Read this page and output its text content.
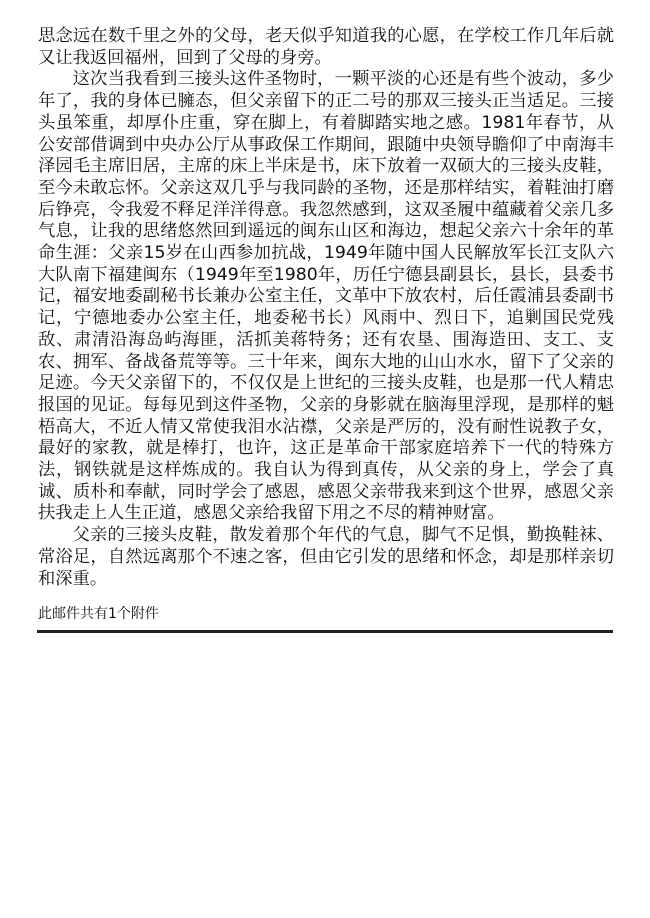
思念远在数千里之外的父母，老天似乎知道我的心愿，在学校工作几年后就又让我返回福州，回到了父母的身旁。

这次当我看到三接头这件圣物时，一颗平淡的心还是有些个波动，多少年了，我的身体已臃态，但父亲留下的正二号的那双三接头正当适足。三接头虽笨重，却厚仆庄重，穿在脚上，有着脚踏实地之感。1981年春节，从公安部借调到中央办公厅从事政保工作期间，跟随中央领导瞻仰了中南海丰泽园毛主席旧居，主席的床上半床是书，床下放着一双硕大的三接头皮鞋，至今未敢忘怀。父亲这双几乎与我同龄的圣物，还是那样结实，着鞋油打磨后铮亮，令我爱不释足洋洋得意。我忽然感到，这双圣履中蕴藏着父亲几多气息，让我的思绪悠然回到遥远的闽东山区和海边，想起父亲六十余年的革命生涯：父亲15岁在山西参加抗战，1949年随中国人民解放军长江支队六大队南下福建闽东（1949年至1980年，历任宁德县副县长，县长，县委书记，福安地委副秘书长兼办公室主任，文革中下放农村，后任霞浦县委副书记，宁德地委办公室主任，地委秘书长）风雨中、烈日下，追剿国民党残敌、肃清沿海岛屿海匪，活抓美蒋特务；还有农垦、围海造田、支工、支农、拥军、备战备荒等等。三十年来，闽东大地的山山水水，留下了父亲的足迹。今天父亲留下的，不仅仅是上世纪的三接头皮鞋，也是那一代人精忠报国的见证。每每见到这件圣物，父亲的身影就在脑海里浮现，是那样的魁梧高大，不近人情又常使我泪水沾襟，父亲是严厉的，没有耐性说教子女，最好的家教，就是棒打，也许，这正是革命干部家庭培养下一代的特殊方法，钢铁就是这样炼成的。我自认为得到真传，从父亲的身上，学会了真诚、质朴和奉献，同时学会了感恩，感恩父亲带我来到这个世界，感恩父亲扶我走上人生正道，感恩父亲给我留下用之不尽的精神财富。

父亲的三接头皮鞋，散发着那个年代的气息，脚气不足惧，勤换鞋袜、常浴足，自然远离那个不速之客，但由它引发的思绪和怀念，却是那样亲切和深重。

此邮件共有1个附件
